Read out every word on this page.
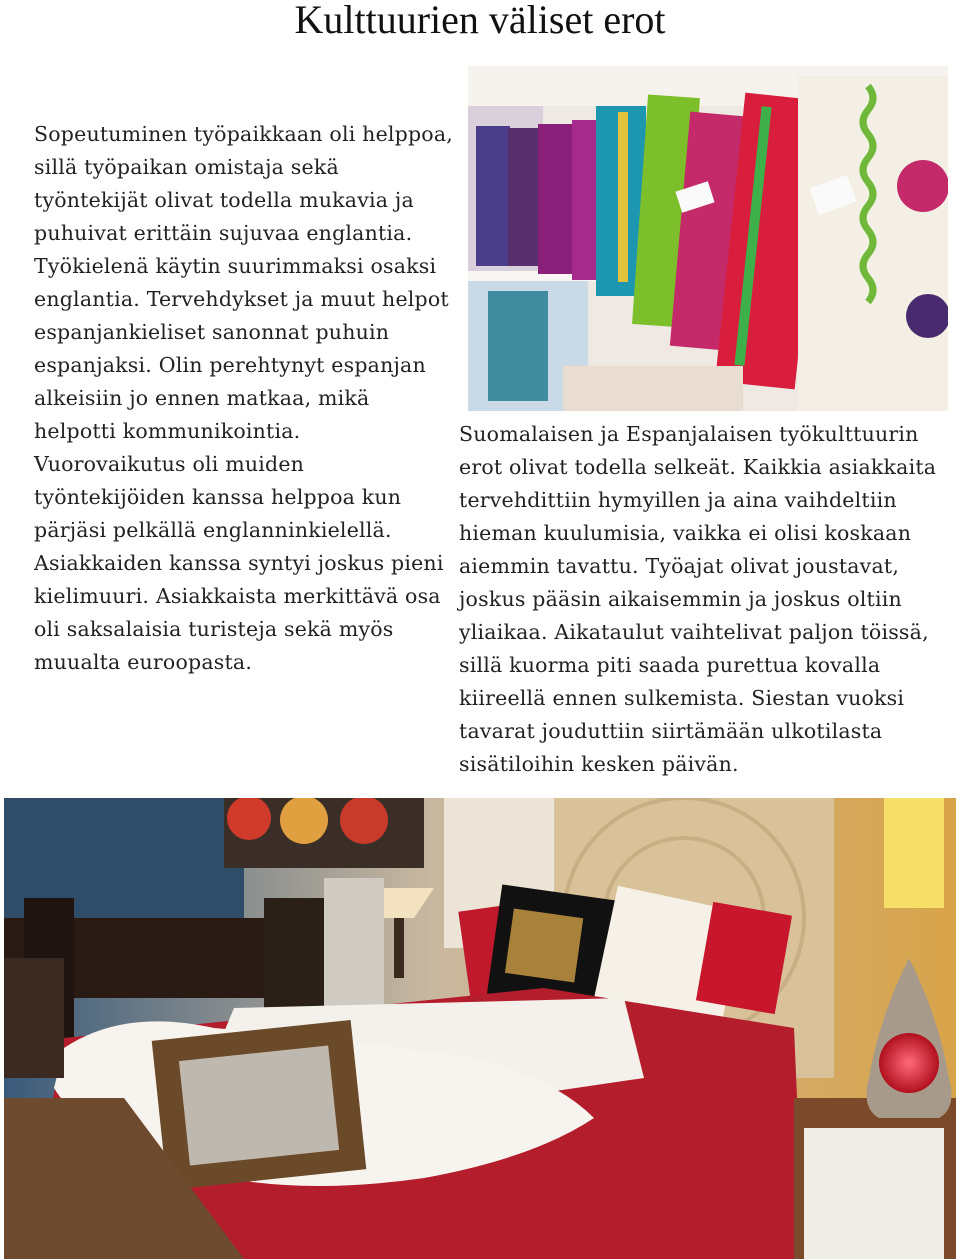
Kulttuurien väliset erot

Sopeutuminen työpaikkaan oli helppoa, sillä työpaikan omistaja sekä työntekijät olivat todella mukavia ja puhuivat erittäin sujuvaa englantia. Työkielenä käytin suurimmaksi osaksi englantia. Tervehdykset ja muut helpot espanjankieliset sanonnat puhuin espanjaksi. Olin perehtynyt espanjan alkeisiin jo ennen matkaa, mikä helpotti kommunikointia. Vuorovaikutus oli muiden työntekijöiden kanssa helppoa kun pärjäsi pelkällä englanninkielellä. Asiakkaiden kanssa syntyi joskus pieni kielimuuri. Asiakkaista merkittävä osa oli saksalaisia turisteja sekä myös muualta euroopasta.

Suomalaisen ja Espanjalaisen työkulttuurin erot olivat todella selkeät. Kaikkia asiakkaita tervehdittiin hymyillen ja aina vaihdeltiin hieman kuulumisia, vaikka ei olisi koskaan aiemmin tavattu. Työajat olivat joustavat, joskus pääsin aikaisemmin ja joskus oltiin yliaikaa. Aikataulut vaihtelivat paljon töissä, sillä kuorma piti saada purettua kovalla kiireellä ennen sulkemista. Siestan vuoksi tavarat jouduttiin siirtämään ulkotilasta sisätiloihin kesken päivän.
